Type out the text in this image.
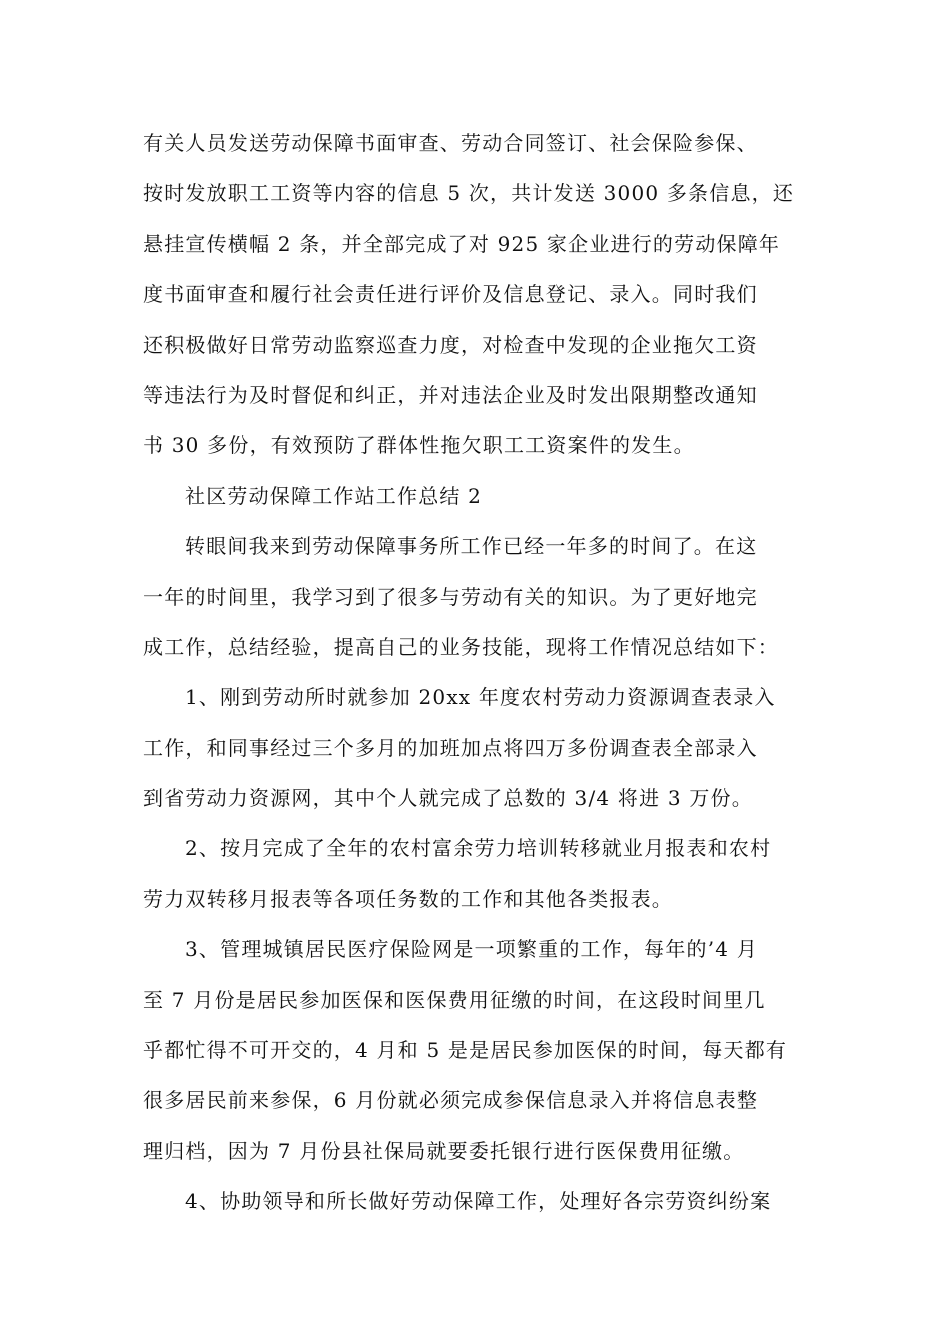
有关人员发送劳动保障书面审查、劳动合同签订、社会保险参保、
按时发放职工工资等内容的信息 5 次，共计发送 3000 多条信息，还
悬挂宣传横幅 2 条，并全部完成了对 925 家企业进行的劳动保障年
度书面审查和履行社会责任进行评价及信息登记、录入。同时我们
还积极做好日常劳动监察巡查力度，对检查中发现的企业拖欠工资
等违法行为及时督促和纠正，并对违法企业及时发出限期整改通知
书 30 多份，有效预防了群体性拖欠职工工资案件的发生。
社区劳动保障工作站工作总结 2
转眼间我来到劳动保障事务所工作已经一年多的时间了。在这
一年的时间里，我学习到了很多与劳动有关的知识。为了更好地完
成工作，总结经验，提高自己的业务技能，现将工作情况总结如下：
1、刚到劳动所时就参加 20xx 年度农村劳动力资源调查表录入
工作，和同事经过三个多月的加班加点将四万多份调查表全部录入
到省劳动力资源网，其中个人就完成了总数的 3/4 将进 3 万份。
2、按月完成了全年的农村富余劳力培训转移就业月报表和农村
劳力双转移月报表等各项任务数的工作和其他各类报表。
3、管理城镇居民医疗保险网是一项繁重的工作，每年的’4 月
至 7 月份是居民参加医保和医保费用征缴的时间，在这段时间里几
乎都忙得不可开交的，4 月和 5 是是居民参加医保的时间，每天都有
很多居民前来参保，6 月份就必须完成参保信息录入并将信息表整
理归档，因为 7 月份县社保局就要委托银行进行医保费用征缴。
4、协助领导和所长做好劳动保障工作，处理好各宗劳资纠纷案
